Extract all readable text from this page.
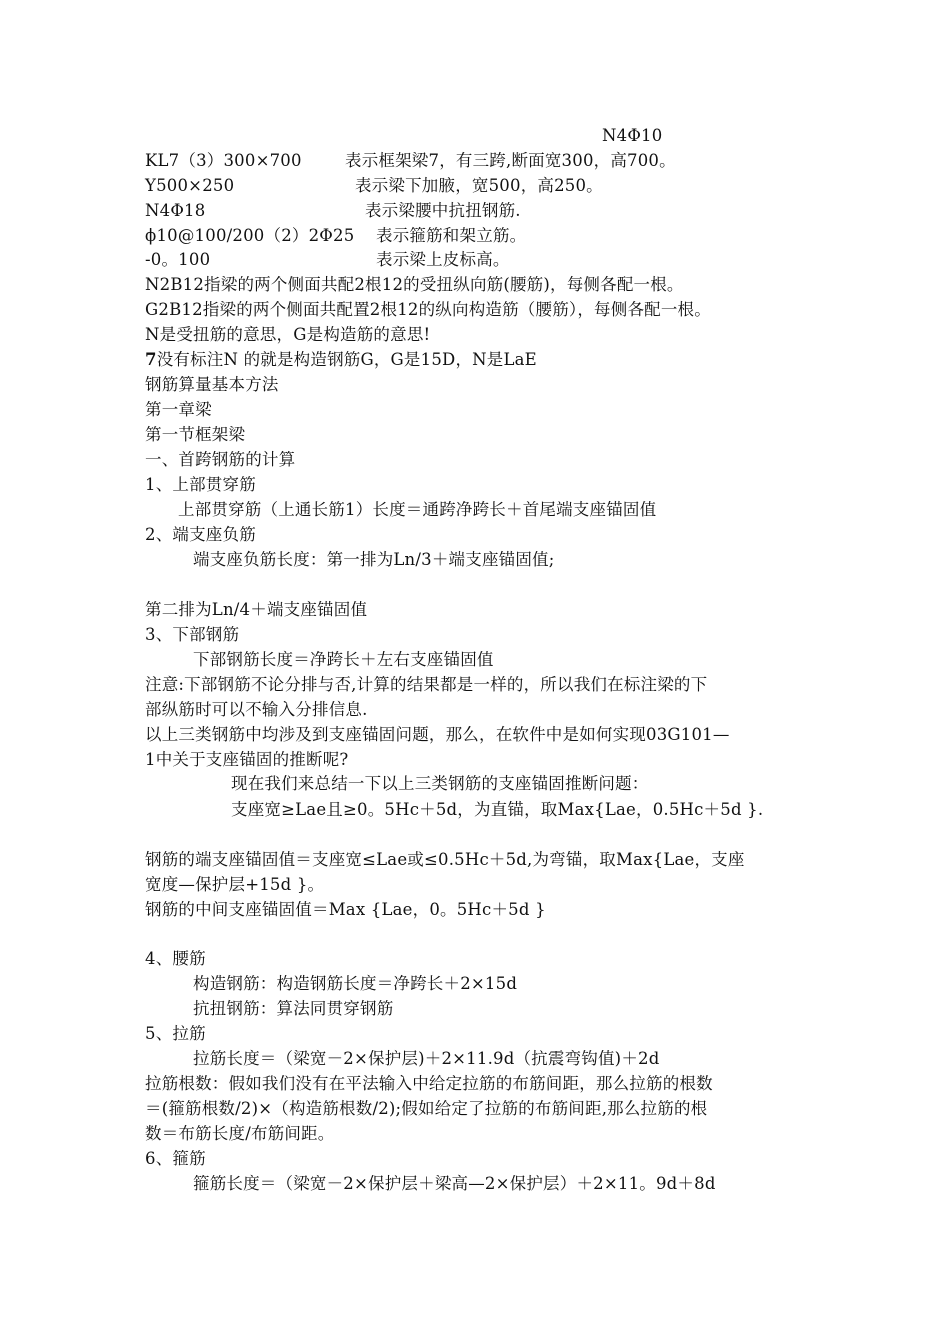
N4Φ10
KL7（3）300×700	表示框架梁7，有三跨,断面宽300，高700。
Y500×250	表示梁下加腋，宽500，高250。
N4Φ18	表示梁腰中抗扭钢筋.
ϕ10@100/200（2）2Φ25 表示箍筋和架立筋。
-0。100	表示梁上皮标高。
N2B12指梁的两个侧面共配2根12的受扭纵向筋(腰筋)，每侧各配一根。
G2B12指梁的两个侧面共配置2根12的纵向构造筋（腰筋），每侧各配一根。
N是受扭筋的意思，G是构造筋的意思!
7没有标注N 的就是构造钢筋G，G是15D，N是LaE
钢筋算量基本方法
第一章梁
第一节框架梁
一、首跨钢筋的计算
1、上部贯穿筋
上部贯穿筋（上通长筋1）长度＝通跨净跨长＋首尾端支座锚固值
2、端支座负筋
端支座负筋长度：第一排为Ln/3＋端支座锚固值;
第二排为Ln/4＋端支座锚固值
3、下部钢筋
下部钢筋长度＝净跨长＋左右支座锚固值
注意:下部钢筋不论分排与否,计算的结果都是一样的，所以我们在标注梁的下
部纵筋时可以不输入分排信息.
以上三类钢筋中均涉及到支座锚固问题，那么，在软件中是如何实现03G101—
1中关于支座锚固的推断呢?
现在我们来总结一下以上三类钢筋的支座锚固推断问题：
支座宽≥Lae且≥0。5Hc＋5d，为直锚，取Max{Lae，0.5Hc＋5d }.
钢筋的端支座锚固值＝支座宽≤Lae或≤0.5Hc＋5d,为弯锚，取Max{Lae，支座
宽度—保护层+15d }。
钢筋的中间支座锚固值＝Max {Lae，0。5Hc＋5d }
4、腰筋
构造钢筋：构造钢筋长度＝净跨长＋2×15d
抗扭钢筋：算法同贯穿钢筋
5、拉筋
拉筋长度＝（梁宽－2×保护层)＋2×11.9d（抗震弯钩值)＋2d
拉筋根数：假如我们没有在平法输入中给定拉筋的布筋间距，那么拉筋的根数
＝(箍筋根数/2)×（构造筋根数/2);假如给定了拉筋的布筋间距,那么拉筋的根
数＝布筋长度/布筋间距。
6、箍筋
箍筋长度＝（梁宽－2×保护层＋梁高—2×保护层）＋2×11。9d＋8d
